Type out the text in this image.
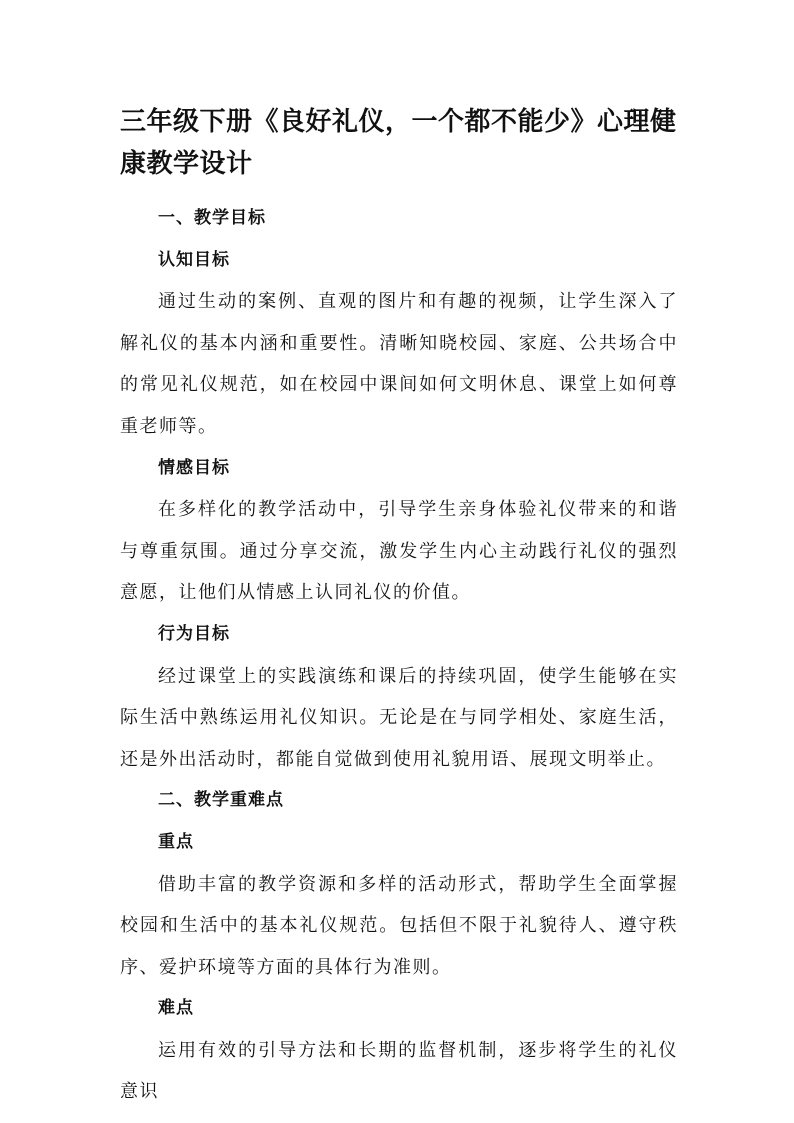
三年级下册《良好礼仪，一个都不能少》心理健康教学设计
一、教学目标
认知目标

通过生动的案例、直观的图片和有趣的视频，让学生深入了解礼仪的基本内涵和重要性。清晰知晓校园、家庭、公共场合中的常见礼仪规范，如在校园中课间如何文明休息、课堂上如何尊重老师等。

情感目标

在多样化的教学活动中，引导学生亲身体验礼仪带来的和谐与尊重氛围。通过分享交流，激发学生内心主动践行礼仪的强烈意愿，让他们从情感上认同礼仪的价值。

行为目标

经过课堂上的实践演练和课后的持续巩固，使学生能够在实际生活中熟练运用礼仪知识。无论是在与同学相处、家庭生活，还是外出活动时，都能自觉做到使用礼貌用语、展现文明举止。

二、教学重难点
重点

借助丰富的教学资源和多样的活动形式，帮助学生全面掌握校园和生活中的基本礼仪规范。包括但不限于礼貌待人、遵守秩序、爱护环境等方面的具体行为准则。

难点

运用有效的引导方法和长期的监督机制，逐步将学生的礼仪意识
